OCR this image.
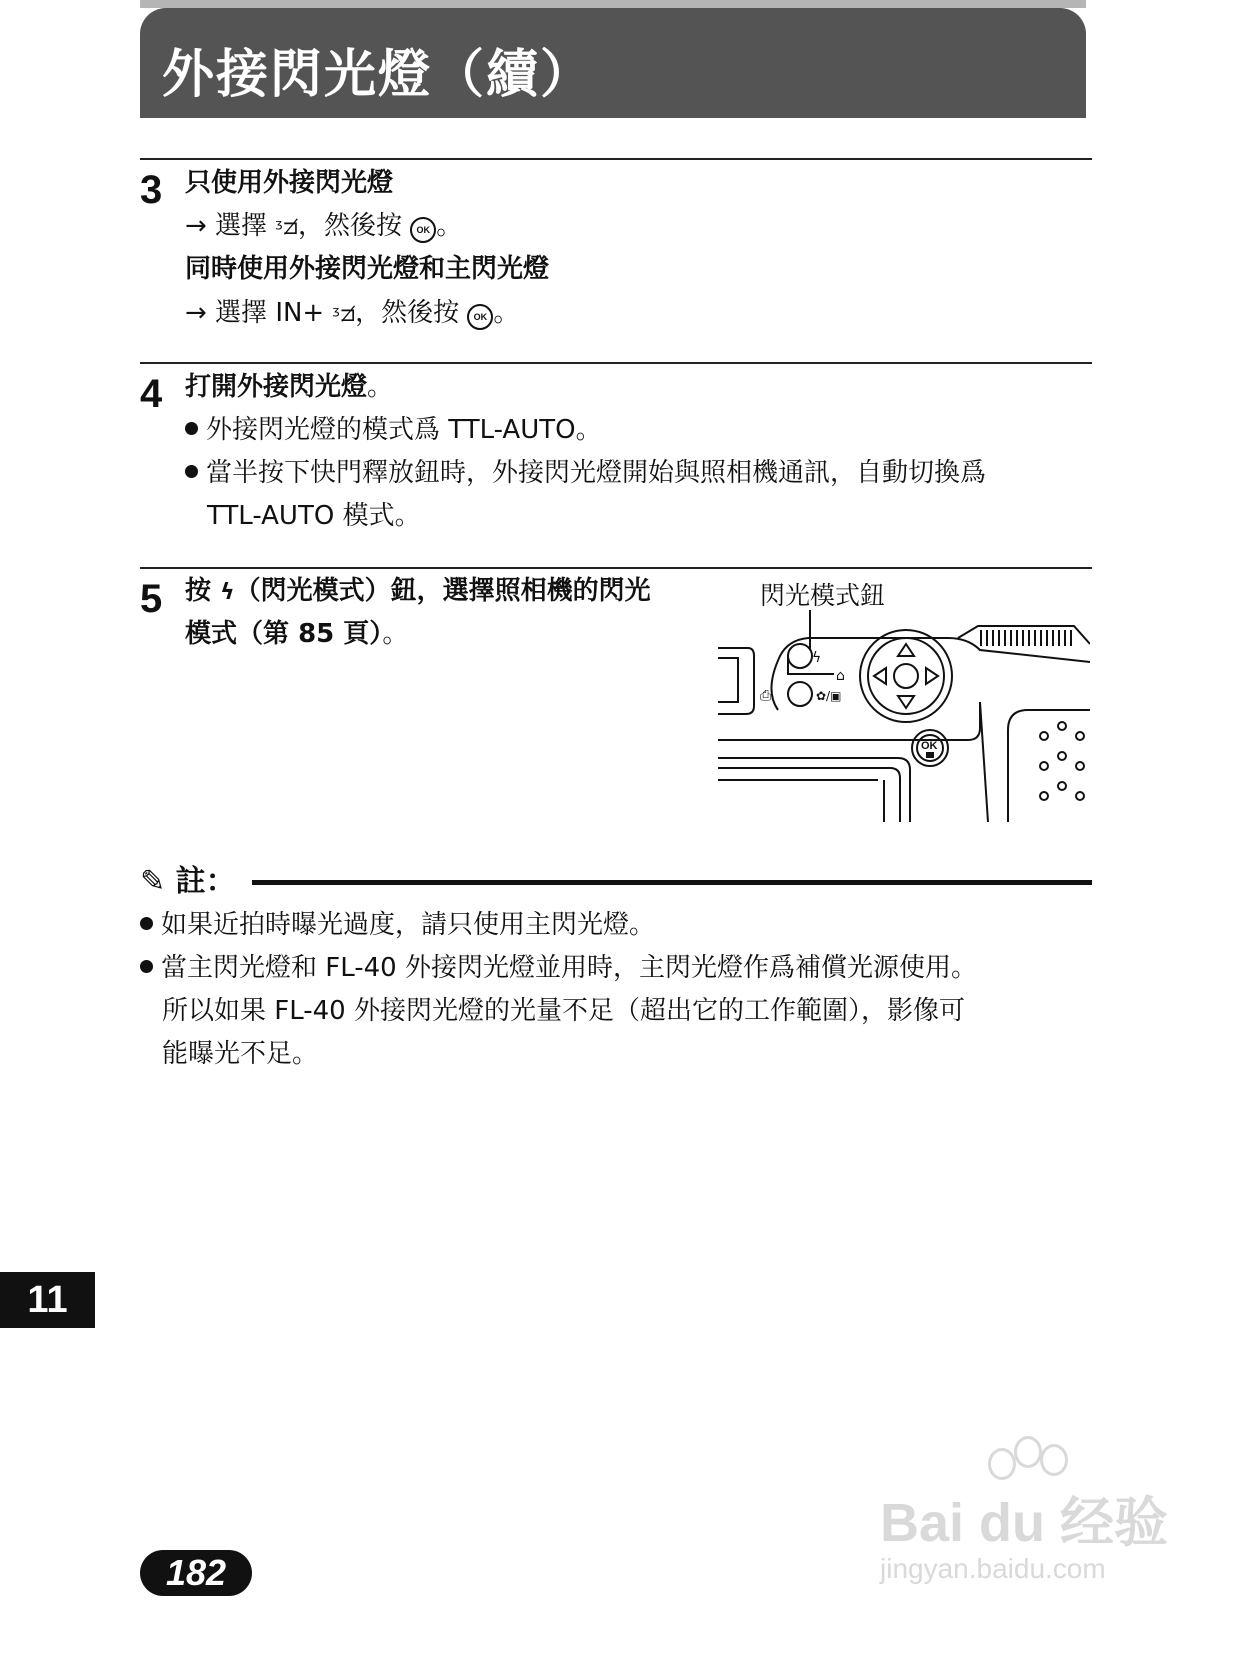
外接閃光燈（續）
3 只使用外接閃光燈
→ 選擇 ᶾ⊐̸，然後按 OK 。
同時使用外接閃光燈和主閃光燈
→ 選擇 IN+ ᶾ⊐̸，然後按 OK 。
4 打開外接閃光燈。
外接閃光燈的模式爲 TTL-AUTO。
當半按下快門釋放鈕時，外接閃光燈開始與照相機通訊，自動切換爲
TTL-AUTO 模式。
5 按 ϟ（閃光模式）鈕，選擇照相機的閃光
模式（第 85 頁）。
閃光模式鈕
ϟ
⌂
⎙	✿/▣
OK
✎ 註：
如果近拍時曝光過度，請只使用主閃光燈。
當主閃光燈和 FL-40 外接閃光燈並用時，主閃光燈作爲補償光源使用。
所以如果 FL-40 外接閃光燈的光量不足（超出它的工作範圍），影像可
能曝光不足。
11
182
Bai du 经验
jingyan.baidu.com
